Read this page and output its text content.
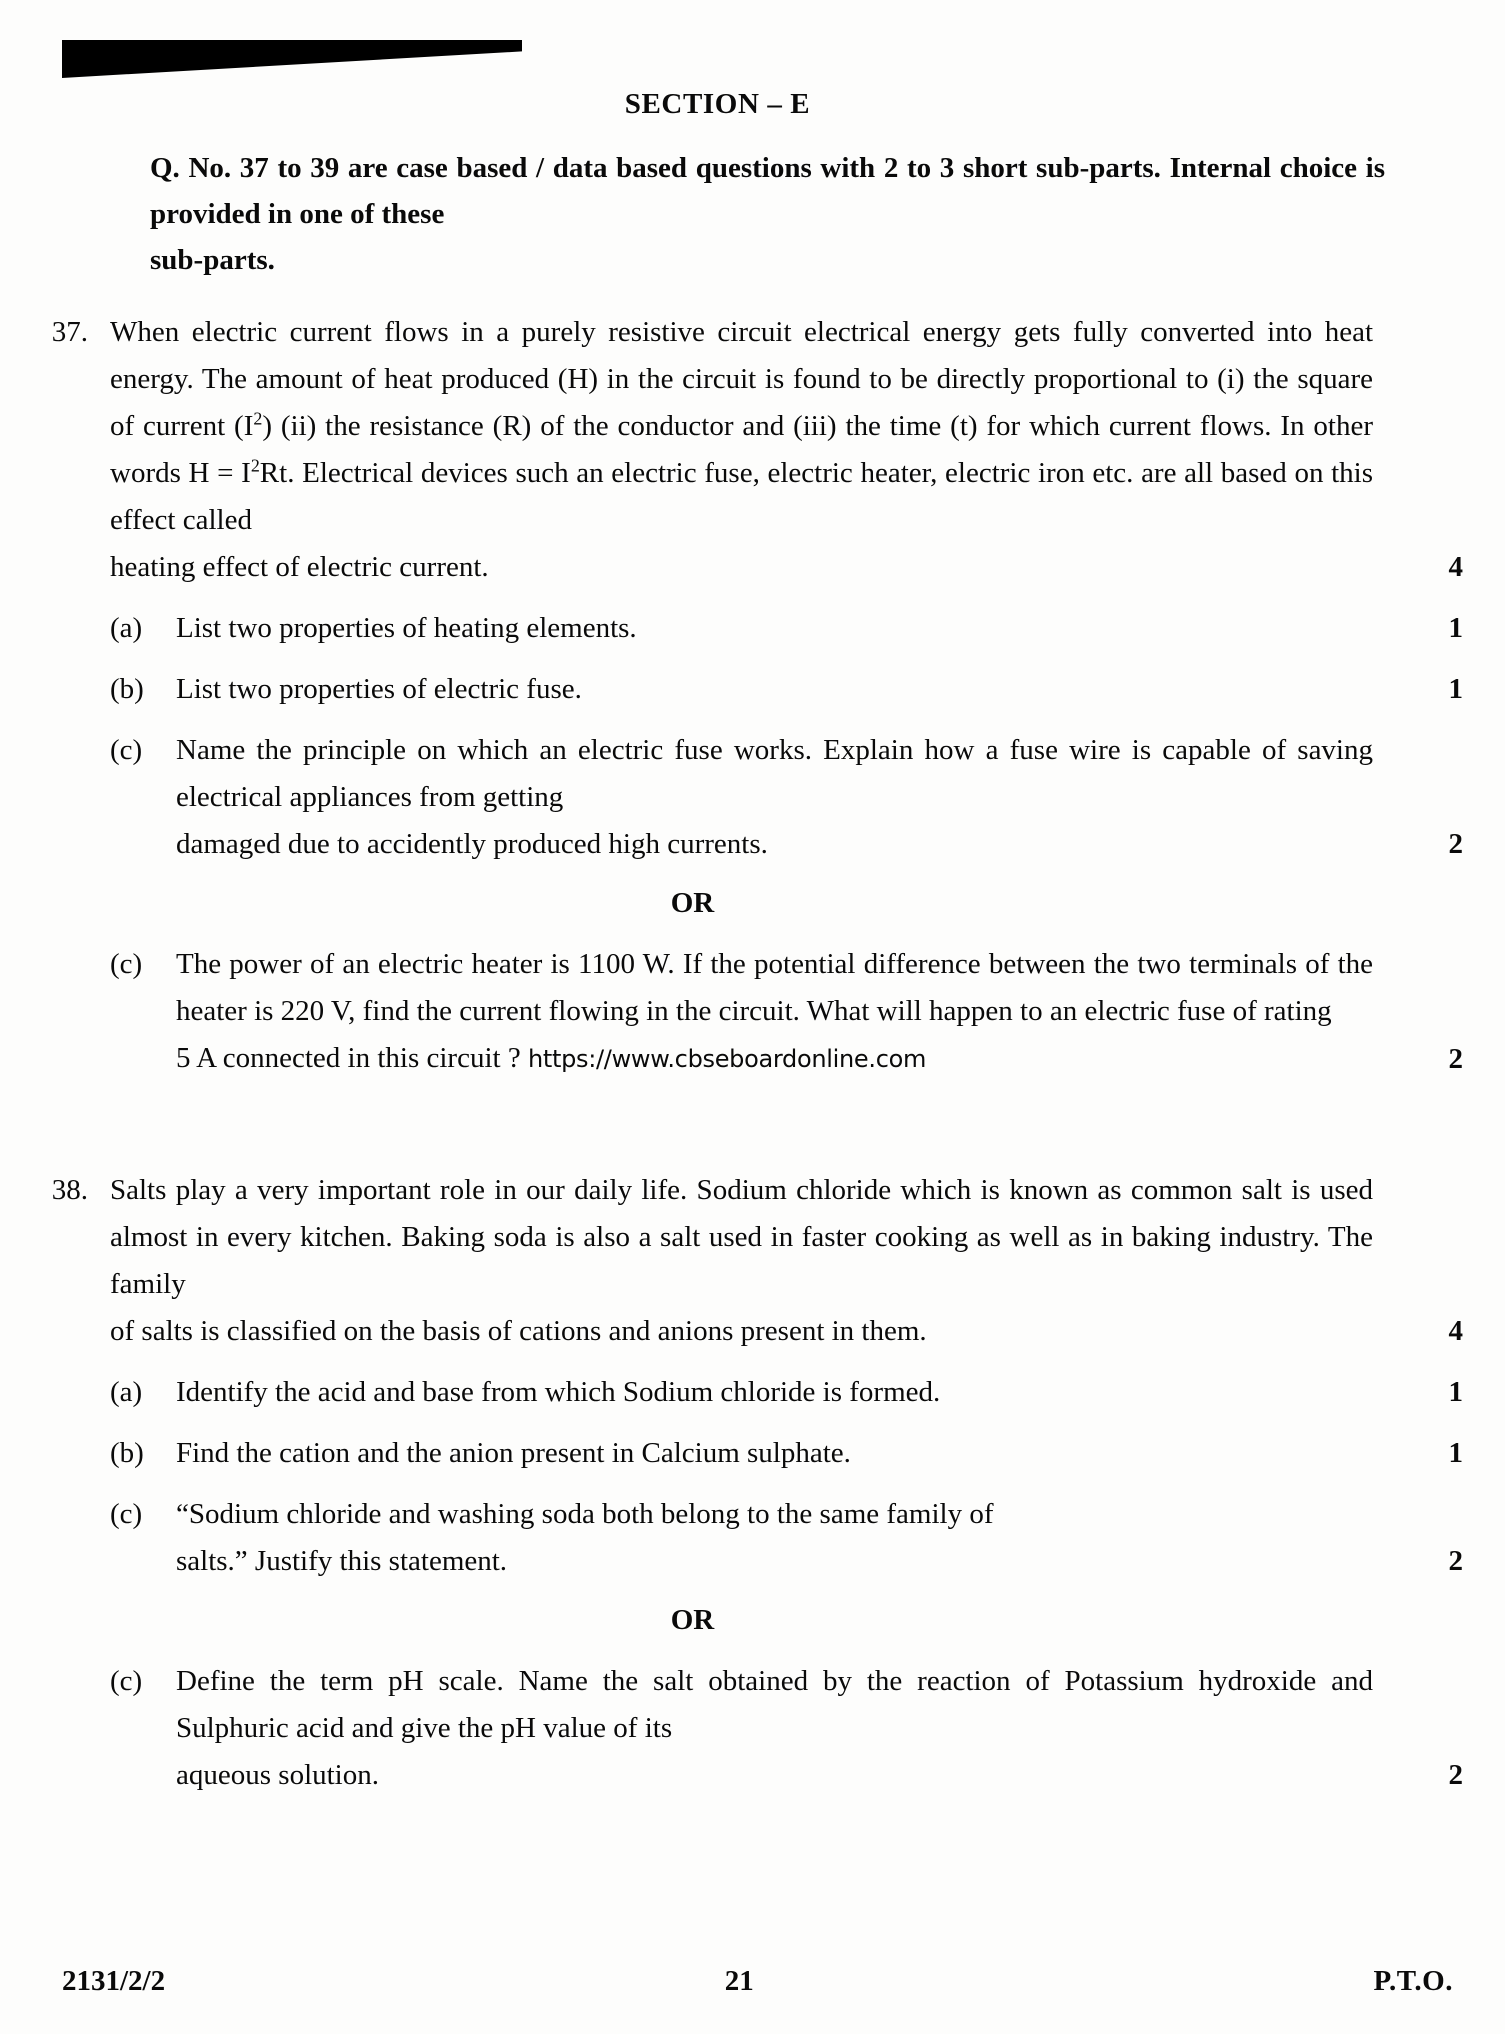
SECTION – E
Q. No. 37 to 39 are case based / data based questions with 2 to 3 short sub-parts. Internal choice is provided in one of these
sub-parts.
37. When electric current flows in a purely resistive circuit electrical energy gets fully converted into heat energy. The amount of heat produced (H) in the circuit is found to be directly proportional to (i) the square of current $(I^2)$ (ii) the resistance (R) of the conductor and (iii) the time (t) for which current flows. In other words $H = I^2Rt$. Electrical devices such an electric fuse, electric heater, electric iron etc. are all based on this effect called
heating effect of electric current.	4
(a)	List two properties of heating elements.	1
(b)	List two properties of electric fuse.	1
(c)	Name the principle on which an electric fuse works. Explain how a fuse wire is capable of saving electrical appliances from getting
damaged due to accidently produced high currents.	2
OR
(c)	The power of an electric heater is 1100 W. If the potential difference between the two terminals of the heater is 220 V, find the current flowing in the circuit. What will happen to an electric fuse of rating
5 A connected in this circuit ? https://www.cbseboardonline.com	2
38. Salts play a very important role in our daily life. Sodium chloride which is known as common salt is used almost in every kitchen. Baking soda is also a salt used in faster cooking as well as in baking industry. The family
of salts is classified on the basis of cations and anions present in them.	4
(a)	Identify the acid and base from which Sodium chloride is formed.	1
(b)	Find the cation and the anion present in Calcium sulphate.	1
(c)	“Sodium chloride and washing soda both belong to the same family of
salts.” Justify this statement.	2
OR
(c)	Define the term pH scale. Name the salt obtained by the reaction of Potassium hydroxide and Sulphuric acid and give the pH value of its
aqueous solution.	2
2131/2/2	21	P.T.O.
